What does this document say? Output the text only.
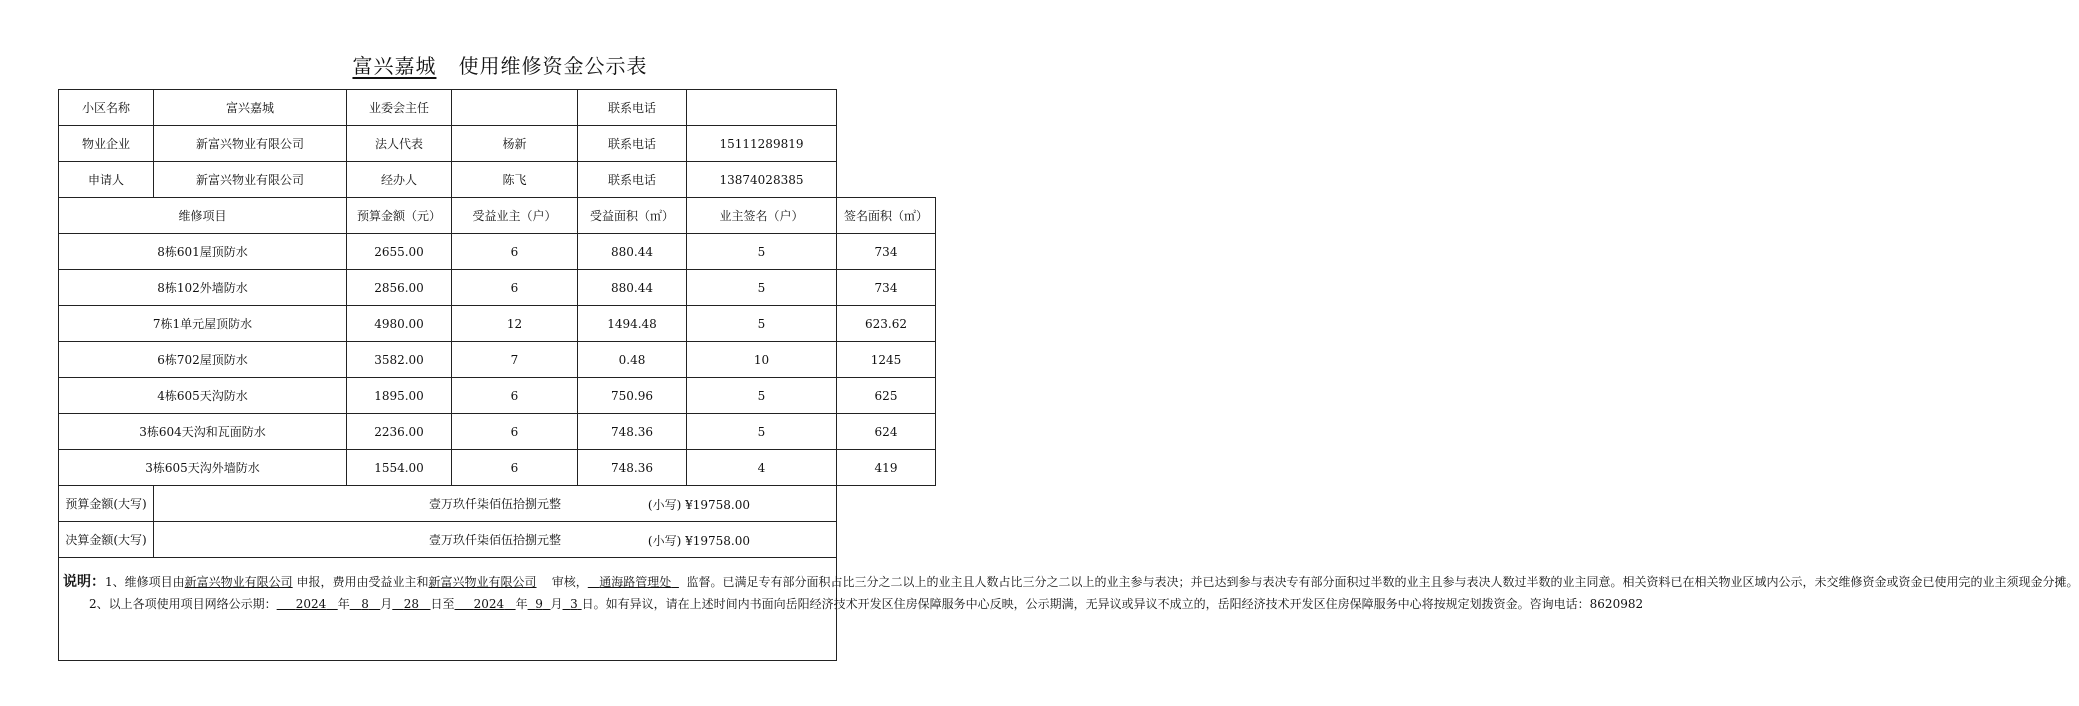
富兴嘉城 使用维修资金公示表
小区名称	富兴嘉城	业委会主任		联系电话		
物业企业	新富兴物业有限公司	法人代表	杨新	联系电话	15111289819	
申请人	新富兴物业有限公司	经办人	陈飞	联系电话	13874028385	
维修项目		预算金额（元）	受益业主（户）	受益面积（㎡）	业主签名（户）	签名面积（㎡）
8栋601屋顶防水		2655.00	6	880.44	5	734
8栋102外墙防水		2856.00	6	880.44	5	734
7栋1单元屋顶防水		4980.00	12	1494.48	5	623.62
6栋702屋顶防水		3582.00	7	0.48	10	1245
4栋605天沟防水		1895.00	6	750.96	5	625
3栋604天沟和瓦面防水		2236.00	6	748.36	5	624
3栋605天沟外墙防水		1554.00	6	748.36	4	419
预算金额(大写)	壹万玖仟柒佰伍拾捌元整 (小写) ¥19758.00					

决算金额(大写)	壹万玖仟柒佰伍拾捌元整 (小写) ¥19758.00					

说明：1、维修项目由新富兴物业有限公司 申报，费用由受益业主和新富兴物业有限公司 审核， 通海路管理处 监督。已满足专有部分面积占比三分之二以上的业主且人数占比三分之二以上的业主参与表决；并已达到参与表决专有部分面积过半数的业主且参与表决人数过半数的业主同意。相关资料已在相关物业区域内公示，未交维修资金或资金已使用完的业主须现金分摊。
2、以上各项使用项目网络公示期： 2024 年 8 月 28 日至 2024 年 9 月 3 日。如有异议，请在上述时间内书面向岳阳经济技术开发区住房保障服务中心反映，公示期满，无异议或异议不成立的，岳阳经济技术开发区住房保障服务中心将按规定划拨资金。咨询电话：8620982						
